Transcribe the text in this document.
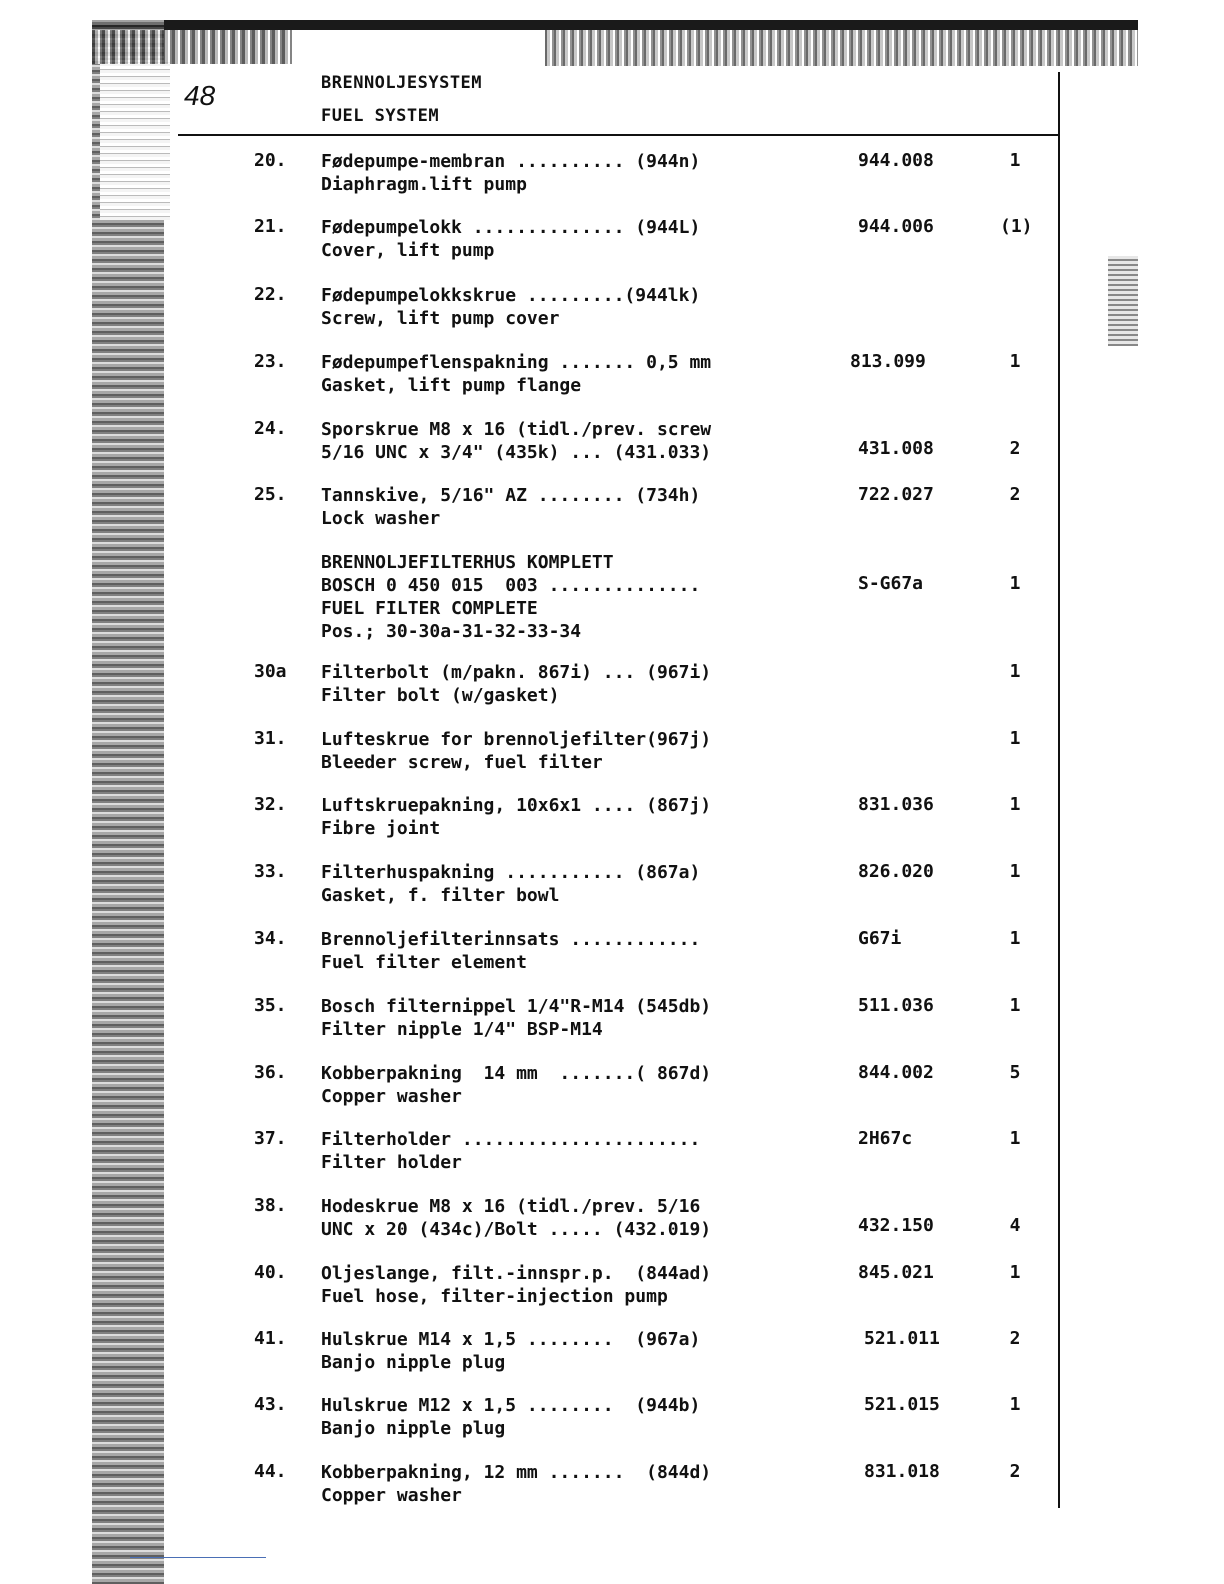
48	BRENNOLJESYSTEM
FUEL SYSTEM
20. Fødepumpe-membran .......... (944n)
Diaphragm.lift pump
944.008	1
21. Fødepumpelokk .............. (944L)
Cover, lift pump
944.006	(1)
22. Fødepumpelokkskrue .........(944lk)
Screw, lift pump cover
23. Fødepumpeflenspakning ....... 0,5 mm
Gasket, lift pump flange
813.099	1
24. Sporskrue M8 x 16 (tidl./prev. screw
5/16 UNC x 3/4" (435k) ... (431.033)	431.008	2
25. Tannskive, 5/16" AZ ........ (734h)
Lock washer
722.027	2
BRENNOLJEFILTERHUS KOMPLETT
BOSCH 0 450 015  003 ..............
FUEL FILTER COMPLETE
Pos.; 30-30a-31-32-33-34
S-G67a	1
30a Filterbolt (m/pakn. 867i) ... (967i)
Filter bolt (w/gasket)
1
31. Lufteskrue for brennoljefilter(967j)
Bleeder screw, fuel filter
1
32. Luftskruepakning, 10x6x1 .... (867j)
Fibre joint
831.036	1
33. Filterhuspakning ........... (867a)
Gasket, f. filter bowl
826.020	1
34. Brennoljefilterinnsats ............
Fuel filter element
G67i	1
35. Bosch filternippel 1/4"R-M14 (545db)
Filter nipple 1/4" BSP-M14
511.036	1
36. Kobberpakning  14 mm  .......( 867d)
Copper washer
844.002	5
37. Filterholder ......................
Filter holder
2H67c	1
38. Hodeskrue M8 x 16 (tidl./prev. 5/16
UNC x 20 (434c)/Bolt ..... (432.019)	432.150	4
40. Oljeslange, filt.-innspr.p.  (844ad)
Fuel hose, filter-injection pump
845.021	1
41. Hulskrue M14 x 1,5 ........  (967a)
Banjo nipple plug
521.011	2
43. Hulskrue M12 x 1,5 ........  (944b)
Banjo nipple plug
521.015	1
44. Kobberpakning, 12 mm .......  (844d)
Copper washer
831.018	2
